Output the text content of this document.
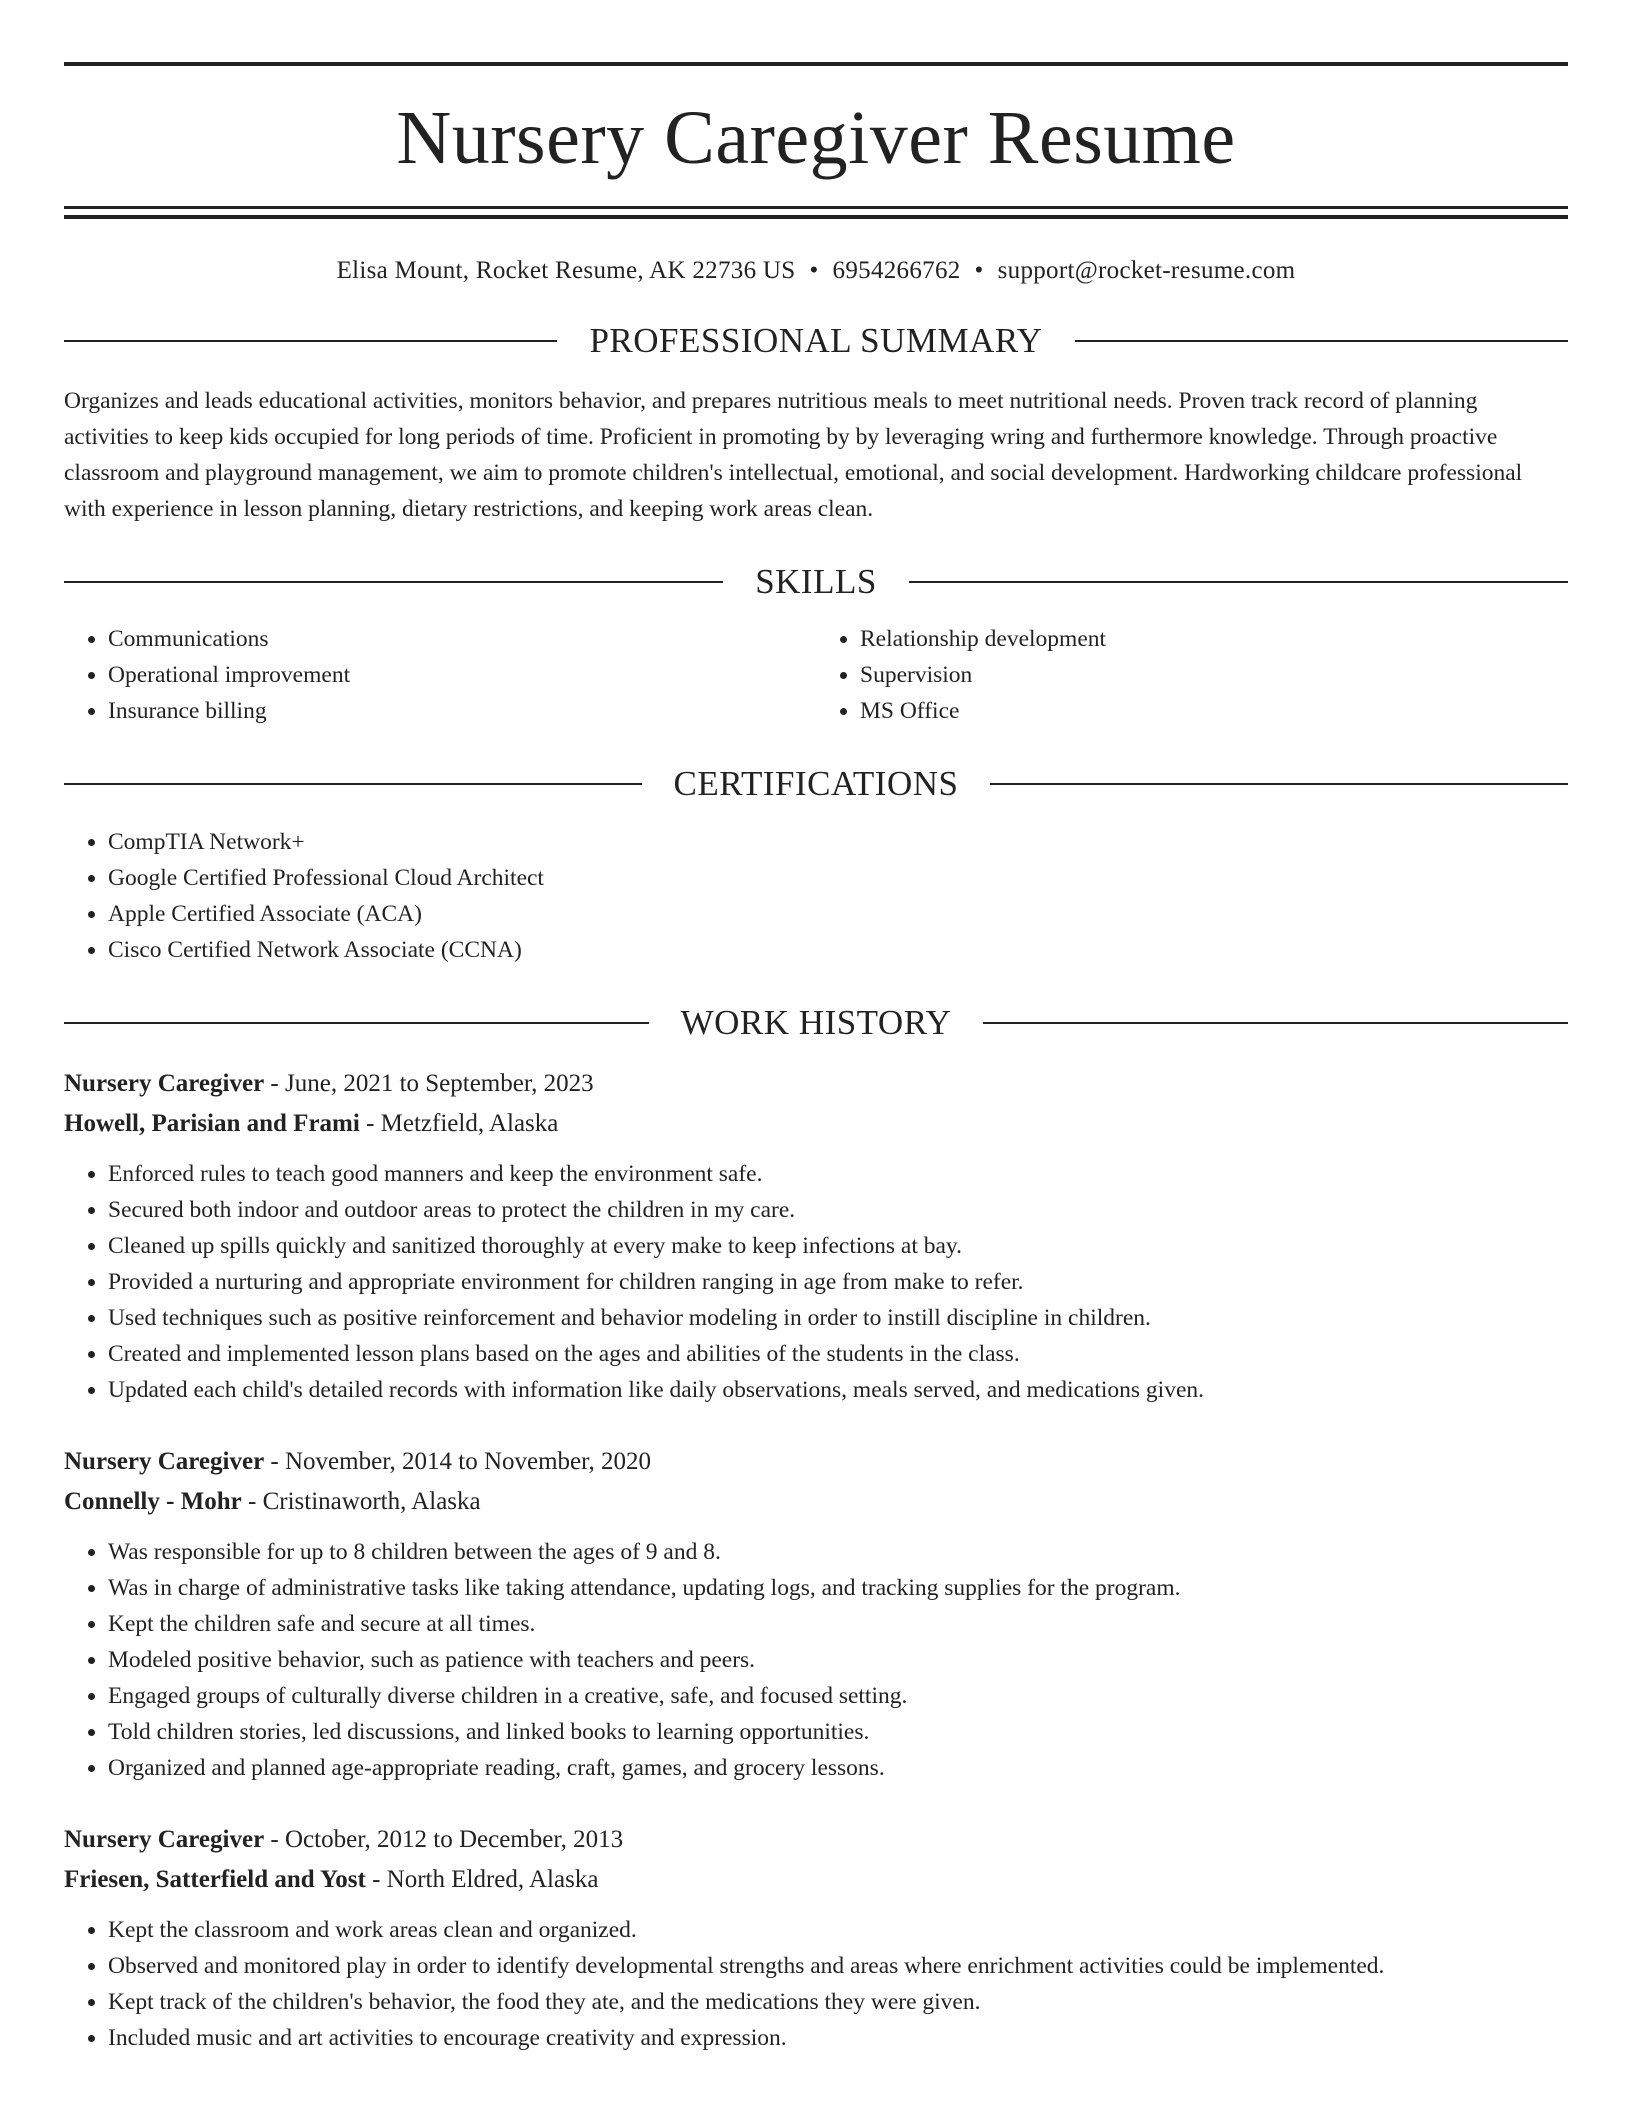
Nursery Caregiver Resume
Elisa Mount, Rocket Resume, AK 22736 US • 6954266762 • support@rocket-resume.com
PROFESSIONAL SUMMARY

Organizes and leads educational activities, monitors behavior, and prepares nutritious meals to meet nutritional needs. Proven track record of planning activities to keep kids occupied for long periods of time. Proficient in promoting by by leveraging wring and furthermore knowledge. Through proactive classroom and playground management, we aim to promote children's intellectual, emotional, and social development. Hardworking childcare professional with experience in lesson planning, dietary restrictions, and keeping work areas clean.

SKILLS
• Communications
• Operational improvement
• Insurance billing
• Relationship development
• Supervision
• MS Office
CERTIFICATIONS
• CompTIA Network+
• Google Certified Professional Cloud Architect
• Apple Certified Associate (ACA)
• Cisco Certified Network Associate (CCNA)
WORK HISTORY
Nursery Caregiver - June, 2021 to September, 2023
Howell, Parisian and Frami - Metzfield, Alaska
• Enforced rules to teach good manners and keep the environment safe.
• Secured both indoor and outdoor areas to protect the children in my care.
• Cleaned up spills quickly and sanitized thoroughly at every make to keep infections at bay.
• Provided a nurturing and appropriate environment for children ranging in age from make to refer.
• Used techniques such as positive reinforcement and behavior modeling in order to instill discipline in children.
• Created and implemented lesson plans based on the ages and abilities of the students in the class.
• Updated each child's detailed records with information like daily observations, meals served, and medications given.
Nursery Caregiver - November, 2014 to November, 2020
Connelly - Mohr - Cristinaworth, Alaska
• Was responsible for up to 8 children between the ages of 9 and 8.
• Was in charge of administrative tasks like taking attendance, updating logs, and tracking supplies for the program.
• Kept the children safe and secure at all times.
• Modeled positive behavior, such as patience with teachers and peers.
• Engaged groups of culturally diverse children in a creative, safe, and focused setting.
• Told children stories, led discussions, and linked books to learning opportunities.
• Organized and planned age-appropriate reading, craft, games, and grocery lessons.
Nursery Caregiver - October, 2012 to December, 2013
Friesen, Satterfield and Yost - North Eldred, Alaska
• Kept the classroom and work areas clean and organized.
• Observed and monitored play in order to identify developmental strengths and areas where enrichment activities could be implemented.
• Kept track of the children's behavior, the food they ate, and the medications they were given.
• Included music and art activities to encourage creativity and expression.
